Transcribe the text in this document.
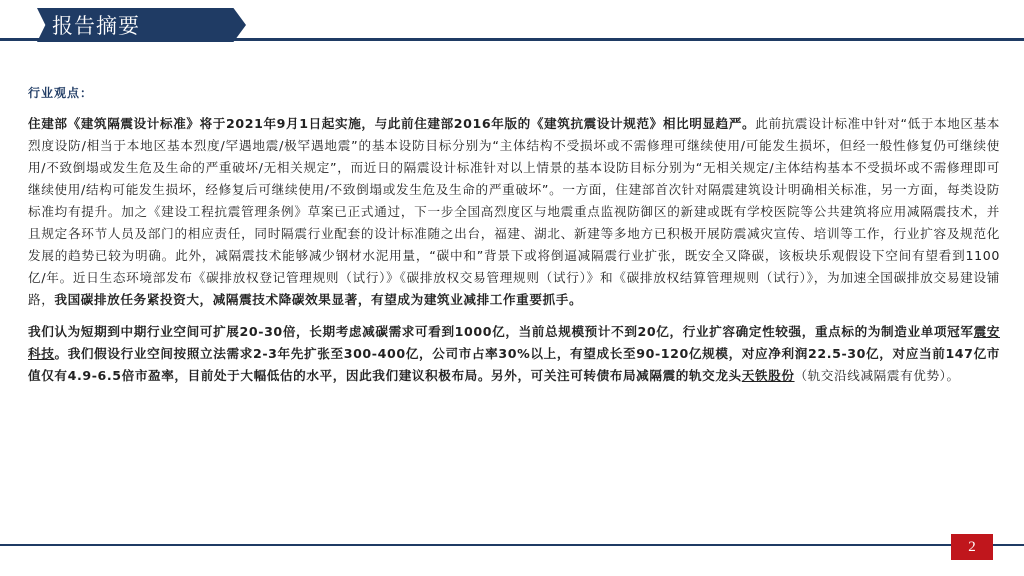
报告摘要
行业观点：

住建部《建筑隔震设计标准》将于2021年9月1日起实施，与此前住建部2016年版的《建筑抗震设计规范》相比明显趋严。此前抗震设计标准中针对“低于本地区基本烈度设防/相当于本地区基本烈度/罕遇地震/极罕遇地震”的基本设防目标分别为“主体结构不受损坏或不需修理可继续使用/可能发生损坏，但经一般性修复仍可继续使用/不致倒塌或发生危及生命的严重破坏/无相关规定”，而近日的隔震设计标准针对以上情景的基本设防目标分别为“无相关规定/主体结构基本不受损坏或不需修理即可继续使用/结构可能发生损坏，经修复后可继续使用/不致倒塌或发生危及生命的严重破坏”。一方面，住建部首次针对隔震建筑设计明确相关标准，另一方面，每类设防标准均有提升。加之《建设工程抗震管理条例》草案已正式通过，下一步全国高烈度区与地震重点监视防御区的新建或既有学校医院等公共建筑将应用减隔震技术，并且规定各环节人员及部门的相应责任，同时隔震行业配套的设计标准随之出台，福建、湖北、新建等多地方已积极开展防震减灾宣传、培训等工作，行业扩容及规范化发展的趋势已较为明确。此外，减隔震技术能够减少钢材水泥用量，“碳中和”背景下或将倒逼减隔震行业扩张，既安全又降碳，该板块乐观假设下空间有望看到1100亿/年。近日生态环境部发布《碳排放权登记管理规则（试行）》《碳排放权交易管理规则（试行）》和《碳排放权结算管理规则（试行）》，为加速全国碳排放交易建设铺路，我国碳排放任务紧投资大，减隔震技术降碳效果显著，有望成为建筑业减排工作重要抓手。

我们认为短期到中期行业空间可扩展20-30倍，长期考虑减碳需求可看到1000亿，当前总规模预计不到20亿，行业扩容确定性较强，重点标的为制造业单项冠军震安科技。我们假设行业空间按照立法需求2-3年先扩张至300-400亿，公司市占率30%以上，有望成长至90-120亿规模，对应净利润22.5-30亿，对应当前147亿市值仅有4.9-6.5倍市盈率，目前处于大幅低估的水平，因此我们建议积极布局。另外，可关注可转债布局减隔震的轨交龙头天铁股份（轨交沿线减隔震有优势）。

2
